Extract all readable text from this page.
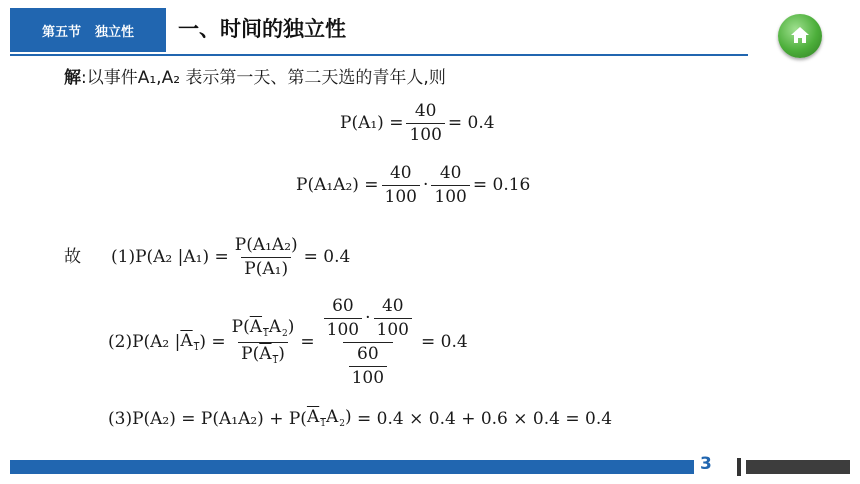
第五节 独立性 一、时间的独立性
解 :以事件A₁,A₂ 表示第一天、第二天选的青年人,则
$P(A_1) = \frac{40}{100} = 0.4$
$P(A_1A_2) = \frac{40}{100} \cdot \frac{40}{100} = 0.16$
故 (1)P(A₂ $|A_1) = \frac{\text{P(A₁A₂)}}{\text{P(A₁)}} = 0.4$
(2)P(A₂ | $A_1$ ) = $\frac{P(A_1A_2)}{P(A_1)} = \frac{\frac{60}{100} \cdot \frac{40}{100}}{\frac{60}{100}} = 0.4$
(3)P(A₂) = P(A₁A₂) + P( $A_1$ $A_2) = 0.4 \times 0.4 + 0.6 \times 0.4 = 0.4$
3
